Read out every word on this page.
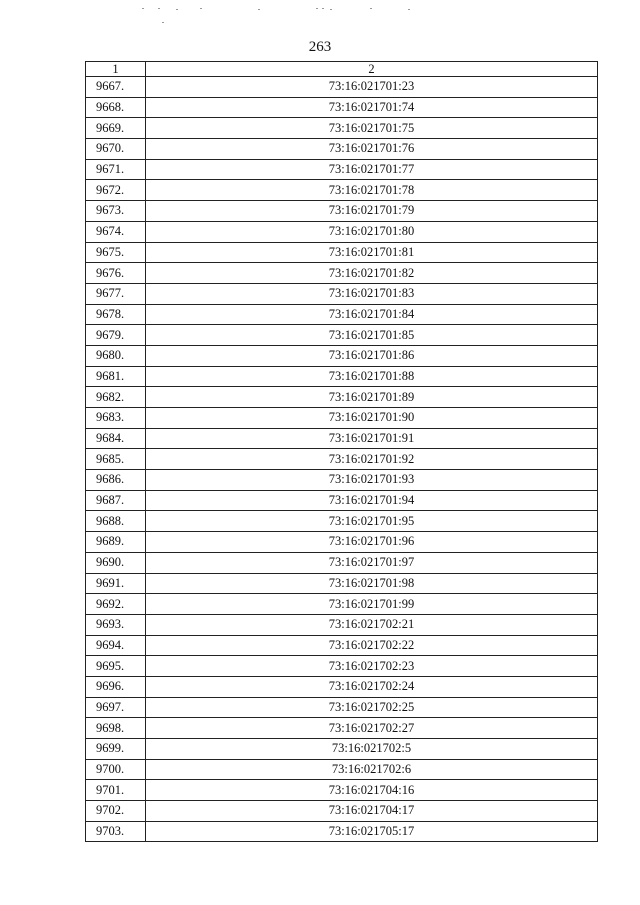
263
1	2
9667.	73:16:021701:23
9668.	73:16:021701:74
9669.	73:16:021701:75
9670.	73:16:021701:76
9671.	73:16:021701:77
9672.	73:16:021701:78
9673.	73:16:021701:79
9674.	73:16:021701:80
9675.	73:16:021701:81
9676.	73:16:021701:82
9677.	73:16:021701:83
9678.	73:16:021701:84
9679.	73:16:021701:85
9680.	73:16:021701:86
9681.	73:16:021701:88
9682.	73:16:021701:89
9683.	73:16:021701:90
9684.	73:16:021701:91
9685.	73:16:021701:92
9686.	73:16:021701:93
9687.	73:16:021701:94
9688.	73:16:021701:95
9689.	73:16:021701:96
9690.	73:16:021701:97
9691.	73:16:021701:98
9692.	73:16:021701:99
9693.	73:16:021702:21
9694.	73:16:021702:22
9695.	73:16:021702:23
9696.	73:16:021702:24
9697.	73:16:021702:25
9698.	73:16:021702:27
9699.	73:16:021702:5
9700.	73:16:021702:6
9701.	73:16:021704:16
9702.	73:16:021704:17
9703.	73:16:021705:17
